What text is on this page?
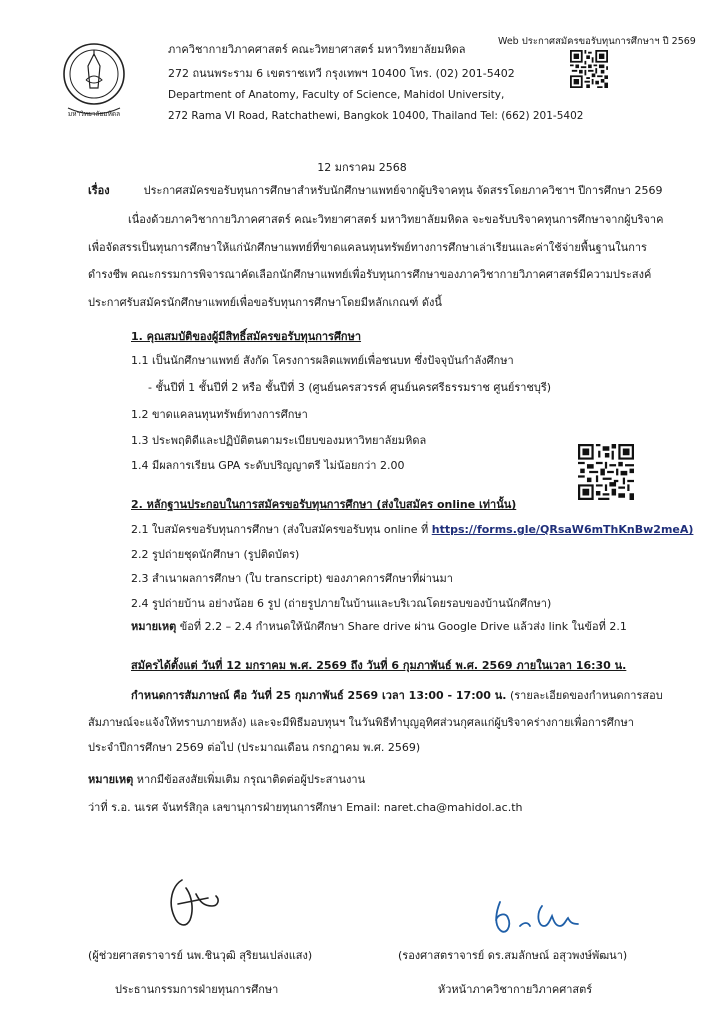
มหาวิทยาลัยมหิดล
ภาควิชากายวิภาคศาสตร์ คณะวิทยาศาสตร์ มหาวิทยาลัยมหิดล
272 ถนนพระราม 6 เขตราชเทวี กรุงเทพฯ 10400 โทร. (02) 201-5402
Department of Anatomy, Faculty of Science, Mahidol University,
272 Rama VI Road, Ratchathewi, Bangkok 10400, Thailand Tel: (662) 201-5402
Web ประกาศสมัครขอรับทุนการศึกษาฯ ปี 2569
12 มกราคม 2568
เรื่อง	ประกาศสมัครขอรับทุนการศึกษาสำหรับนักศึกษาแพทย์จากผู้บริจาคทุน จัดสรรโดยภาควิชาฯ ปีการศึกษา 2569
เนื่องด้วยภาควิชากายวิภาคศาสตร์ คณะวิทยาศาสตร์ มหาวิทยาลัยมหิดล จะขอรับบริจาคทุนการศึกษาจากผู้บริจาคเพื่อจัดสรรเป็นทุนการศึกษาให้แก่นักศึกษาแพทย์ที่ขาดแคลนทุนทรัพย์ทางการศึกษาเล่าเรียนและค่าใช้จ่ายพื้นฐานในการดำรงชีพ คณะกรรมการพิจารณาคัดเลือกนักศึกษาแพทย์เพื่อรับทุนการศึกษาของภาควิชากายวิภาคศาสตร์มีความประสงค์ประกาศรับสมัครนักศึกษาแพทย์เพื่อขอรับทุนการศึกษาโดยมีหลักเกณฑ์ ดังนี้
1. คุณสมบัติของผู้มีสิทธิ์สมัครขอรับทุนการศึกษา
1.1 เป็นนักศึกษาแพทย์ สังกัด โครงการผลิตแพทย์เพื่อชนบท ซึ่งปัจจุบันกำลังศึกษา
- ชั้นปีที่ 1 ชั้นปีที่ 2 หรือ ชั้นปีที่ 3 (ศูนย์นครสวรรค์ ศูนย์นครศรีธรรมราช ศูนย์ราชบุรี)
1.2 ขาดแคลนทุนทรัพย์ทางการศึกษา
1.3 ประพฤติดีและปฏิบัติตนตามระเบียบของมหาวิทยาลัยมหิดล
1.4 มีผลการเรียน GPA ระดับปริญญาตรี ไม่น้อยกว่า 2.00
2. หลักฐานประกอบในการสมัครขอรับทุนการศึกษา (ส่งใบสมัคร online เท่านั้น)
2.1 ใบสมัครขอรับทุนการศึกษา (ส่งใบสมัครขอรับทุน online ที่ https://forms.gle/QRsaW6mThKnBw2meA)
2.2 รูปถ่ายชุดนักศึกษา (รูปติดบัตร)
2.3 สำเนาผลการศึกษา (ใบ transcript) ของภาคการศึกษาที่ผ่านมา
2.4 รูปถ่ายบ้าน อย่างน้อย 6 รูป (ถ่ายรูปภายในบ้านและบริเวณโดยรอบของบ้านนักศึกษา)
หมายเหตุ ข้อที่ 2.2 – 2.4 กำหนดให้นักศึกษา Share drive ผ่าน Google Drive แล้วส่ง link ในข้อที่ 2.1
สมัครได้ตั้งแต่ วันที่ 12 มกราคม พ.ศ. 2569 ถึง วันที่ 6 กุมภาพันธ์ พ.ศ. 2569 ภายในเวลา 16:30 น.
กำหนดการสัมภาษณ์ คือ วันที่ 25 กุมภาพันธ์ 2569 เวลา 13:00 - 17:00 น. (รายละเอียดของกำหนดการสอบ
สัมภาษณ์จะแจ้งให้ทราบภายหลัง) และจะมีพิธีมอบทุนฯ ในวันพิธีทำบุญอุทิศส่วนกุศลแก่ผู้บริจาคร่างกายเพื่อการศึกษา
ประจำปีการศึกษา 2569 ต่อไป (ประมาณเดือน กรกฎาคม พ.ศ. 2569)
หมายเหตุ หากมีข้อสงสัยเพิ่มเติม กรุณาติดต่อผู้ประสานงาน
ว่าที่ ร.อ. นเรศ จันทร์สิกุล เลขานุการฝ่ายทุนการศึกษา Email: naret.cha@mahidol.ac.th
(ผู้ช่วยศาสตราจารย์ นพ.ชินวุฒิ สุริยนเปล่งแสง)
ประธานกรรมการฝ่ายทุนการศึกษา
(รองศาสตราจารย์ ดร.สมลักษณ์ อสุวพงษ์พัฒนา)
หัวหน้าภาควิชากายวิภาคศาสตร์
